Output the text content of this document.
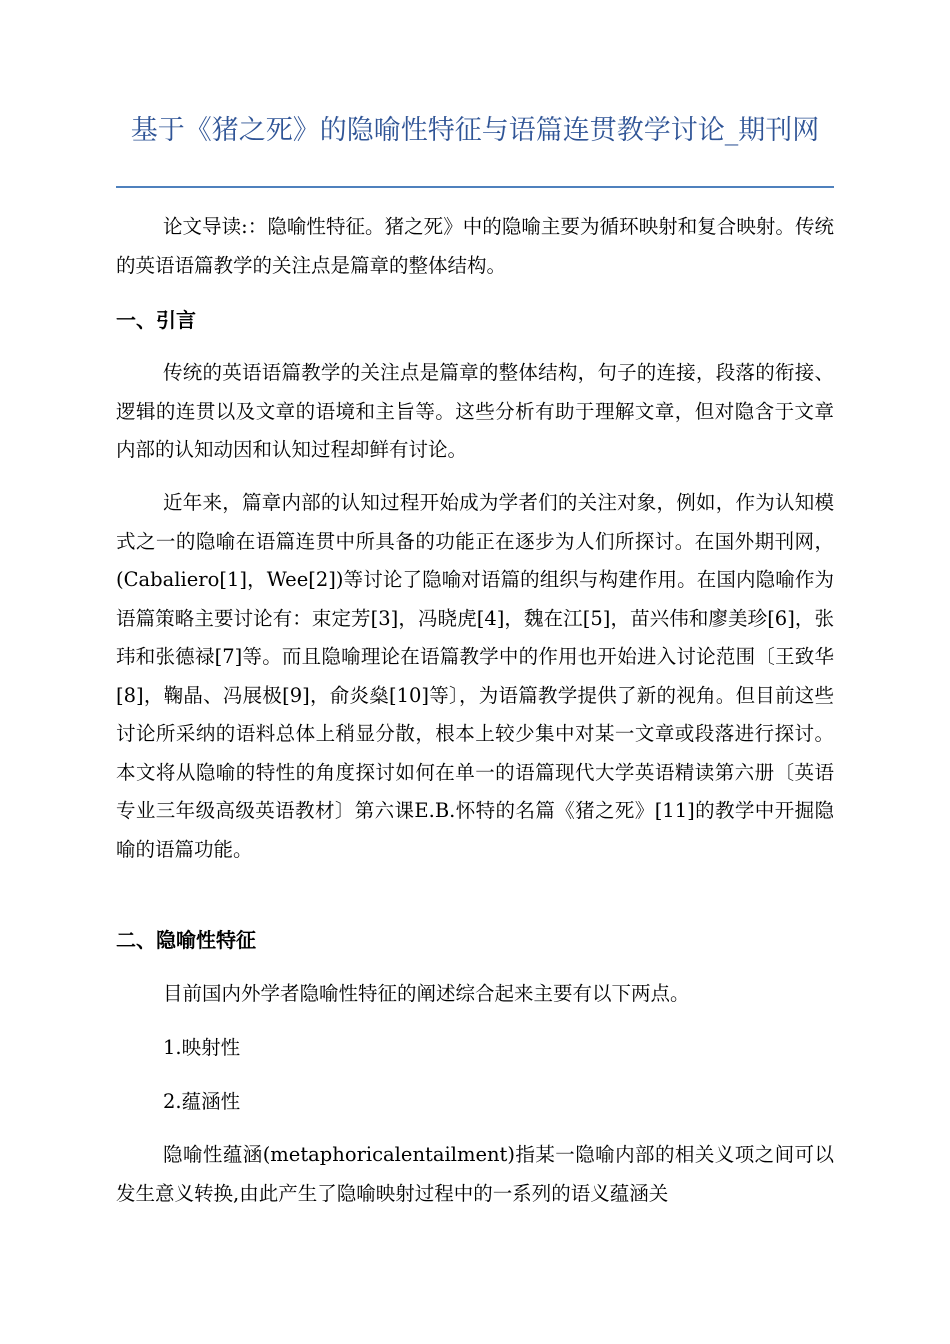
基于《猪之死》的隐喻性特征与语篇连贯教学讨论_期刊网

论文导读:：隐喻性特征。猪之死》中的隐喻主要为循环映射和复合映射。传统的英语语篇教学的关注点是篇章的整体结构。

一、引言

传统的英语语篇教学的关注点是篇章的整体结构，句子的连接，段落的衔接、逻辑的连贯以及文章的语境和主旨等。这些分析有助于理解文章，但对隐含于文章内部的认知动因和认知过程却鲜有讨论。

近年来，篇章内部的认知过程开始成为学者们的关注对象，例如，作为认知模式之一的隐喻在语篇连贯中所具备的功能正在逐步为人们所探讨。在国外期刊网，(Cabaliero[1]，Wee[2])等讨论了隐喻对语篇的组织与构建作用。在国内隐喻作为语篇策略主要讨论有：束定芳[3]，冯晓虎[4]，魏在江[5]，苗兴伟和廖美珍[6]，张玮和张德禄[7]等。而且隐喻理论在语篇教学中的作用也开始进入讨论范围〔王致华[8]，鞠晶、冯展极[9]，俞炎燊[10]等〕，为语篇教学提供了新的视角。但目前这些讨论所采纳的语料总体上稍显分散，根本上较少集中对某一文章或段落进行探讨。本文将从隐喻的特性的角度探讨如何在单一的语篇现代大学英语精读第六册〔英语专业三年级高级英语教材〕第六课E.B.怀特的名篇《猪之死》[11]的教学中开掘隐喻的语篇功能。

二、隐喻性特征

目前国内外学者隐喻性特征的阐述综合起来主要有以下两点。

1.映射性

2.蕴涵性

隐喻性蕴涵(metaphoricalentailment)指某一隐喻内部的相关义项之间可以发生意义转换,由此产生了隐喻映射过程中的一系列的语义蕴涵关
